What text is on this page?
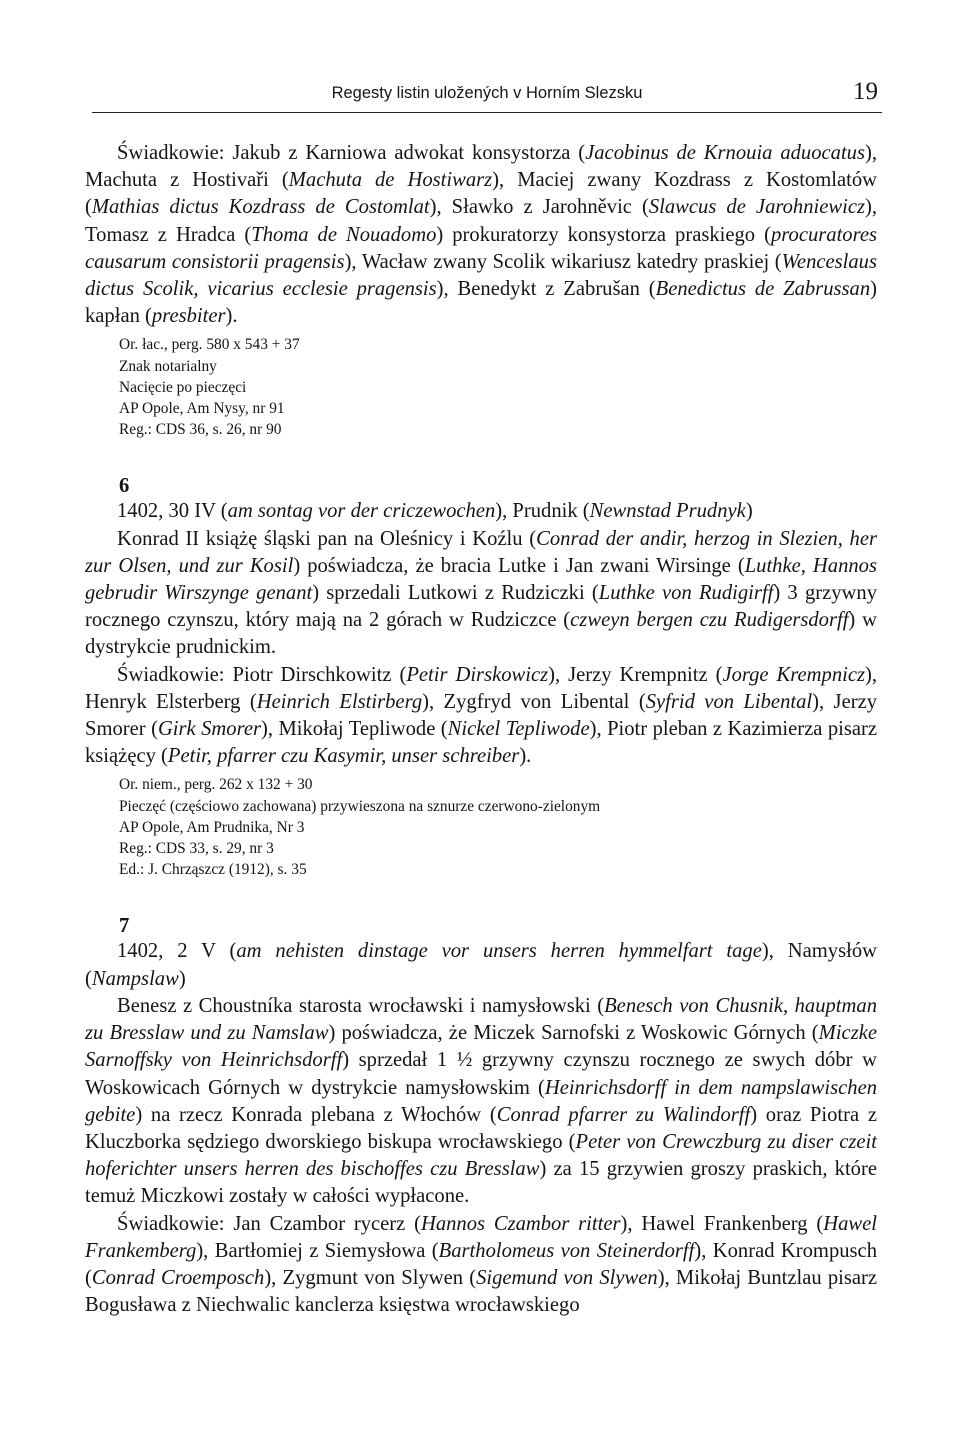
Regesty listin uložených v Horním Slezsku	19

Świadkowie: Jakub z Karniowa adwokat konsystorza (Jacobinus de Krnouia aduocatus), Machuta z Hostivaři (Machuta de Hostiwarz), Maciej zwany Kozdrass z Kostomlatów (Mathias dictus Kozdrass de Costomlat), Sławko z Jarohněvic (Slawcus de Jarohniewicz), Tomasz z Hradca (Thoma de Nouadomo) prokuratorzy konsystorza praskiego (procuratores causarum consistorii pragensis), Wacław zwany Scolik wikariusz katedry praskiej (Wenceslaus dictus Scolik, vicarius ecclesie pragensis), Benedykt z Zabrušan (Benedictus de Zabrussan) kapłan (presbiter).

Or. łac., perg. 580 x 543 + 37
Znak notarialny
Nacięcie po pieczęci
AP Opole, Am Nysy, nr 91
Reg.: CDS 36, s. 26, nr 90
6

1402, 30 IV (am sontag vor der criczewochen), Prudnik (Newnstad Prudnyk)

Konrad II książę śląski pan na Oleśnicy i Koźlu (Conrad der andir, herzog in Slezien, her zur Olsen, und zur Kosil) poświadcza, że bracia Lutke i Jan zwani Wirsinge (Luthke, Hannos gebrudir Wirszynge genant) sprzedali Lutkowi z Rudziczki (Luthke von Rudigirff) 3 grzywny rocznego czynszu, który mają na 2 górach w Rudziczce (czweyn bergen czu Rudigersdorff) w dystrykcie prudnickim.

Świadkowie: Piotr Dirschkowitz (Petir Dirskowicz), Jerzy Krempnitz (Jorge Krempnicz), Henryk Elsterberg (Heinrich Elstirberg), Zygfryd von Libental (Syfrid von Libental), Jerzy Smorer (Girk Smorer), Mikołaj Tepliwode (Nickel Tepliwode), Piotr pleban z Kazimierza pisarz książęcy (Petir, pfarrer czu Kasymir, unser schreiber).

Or. niem., perg. 262 x 132 + 30
Pieczęć (częściowo zachowana) przywieszona na sznurze czerwono-zielonym
AP Opole, Am Prudnika, Nr 3
Reg.: CDS 33, s. 29, nr 3
Ed.: J. Chrząszcz (1912), s. 35
7

1402, 2 V (am nehisten dinstage vor unsers herren hymmelfart tage), Namysłów (Nampslaw)

Benesz z Choustníka starosta wrocławski i namysłowski (Benesch von Chusnik, hauptman zu Bresslaw und zu Namslaw) poświadcza, że Miczek Sarnofski z Woskowic Górnych (Miczke Sarnoffsky von Heinrichsdorff) sprzedał 1 ½ grzywny czynszu rocznego ze swych dóbr w Woskowicach Górnych w dystrykcie namysłowskim (Heinrichsdorff in dem nampslawischen gebite) na rzecz Konrada plebana z Włochów (Conrad pfarrer zu Walindorff) oraz Piotra z Kluczborka sędziego dworskiego biskupa wrocławskiego (Peter von Crewczburg zu diser czeit hoferichter unsers herren des bischoffes czu Bresslaw) za 15 grzywien groszy praskich, które temuż Miczkowi zostały w całości wypłacone.

Świadkowie: Jan Czambor rycerz (Hannos Czambor ritter), Hawel Frankenberg (Hawel Frankemberg), Bartłomiej z Siemysłowa (Bartholomeus von Steinerdorff), Konrad Krompusch (Conrad Croemposch), Zygmunt von Slywen (Sigemund von Slywen), Mikołaj Buntzlau pisarz Bogusława z Niechwalic kanclerza księstwa wrocławskiego
